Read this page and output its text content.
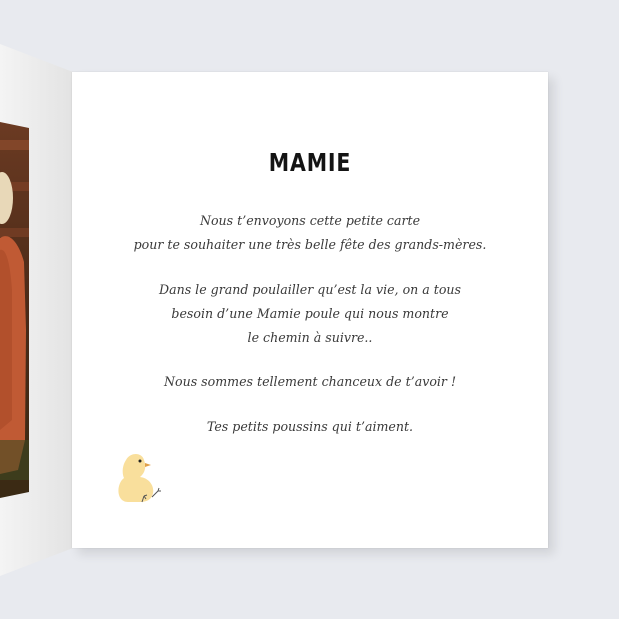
MAMIE
Nous t’envoyons cette petite carte
pour te souhaiter une très belle fête des grands-mères.
Dans le grand poulailler qu’est la vie, on a tous
besoin d’une Mamie poule qui nous montre
le chemin à suivre..
Nous sommes tellement chanceux de t’avoir !
Tes petits poussins qui t’aiment.
